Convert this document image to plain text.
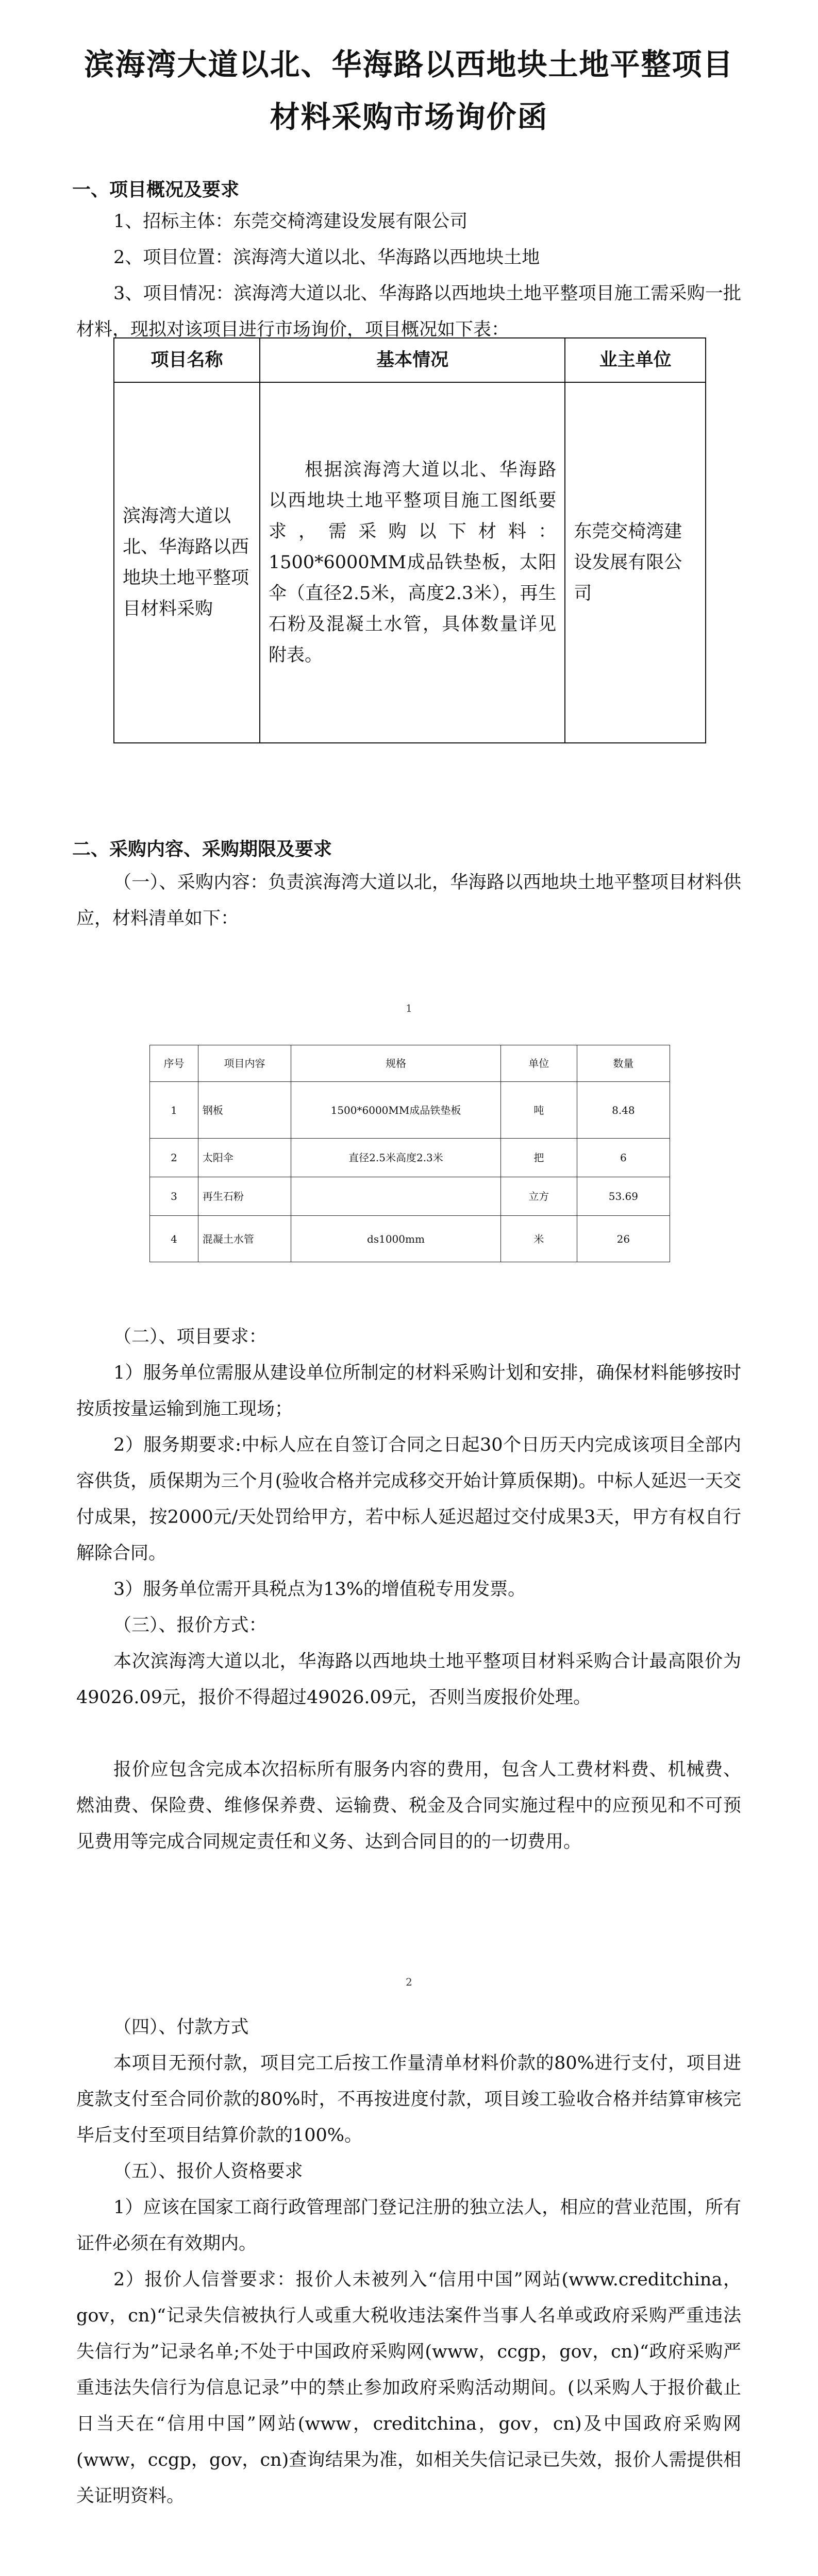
滨海湾大道以北、华海路以西地块土地平整项目
材料采购市场询价函
一、项目概况及要求
1、招标主体：东莞交椅湾建设发展有限公司
2、项目位置：滨海湾大道以北、华海路以西地块土地
3、项目情况：滨海湾大道以北、华海路以西地块土地平整项目施工需采购一批材料，现拟对该项目进行市场询价，项目概况如下表：
项目名称	基本情况	业主单位
滨海湾大道以北、华海路以西地块土地平整项目材料采购	根据滨海湾大道以北、华海路以西地块土地平整项目施工图纸要求，需采购以下材料：1500*6000MM成品铁垫板，太阳伞（直径2.5米，高度2.3米），再生石粉及混凝土水管，具体数量详见附表。	东莞交椅湾建设发展有限公司
二、采购内容、采购期限及要求
（一）、采购内容：负责滨海湾大道以北，华海路以西地块土地平整项目材料供应，材料清单如下：
1
序号	项目内容	规格	单位	数量
1	钢板	1500*6000MM成品铁垫板	吨	8.48
2	太阳伞	直径2.5米高度2.3米	把	6
3	再生石粉		立方	53.69
4	混凝土水管	ds1000mm	米	26
（二）、项目要求：
1）服务单位需服从建设单位所制定的材料采购计划和安排，确保材料能够按时按质按量运输到施工现场；
2）服务期要求:中标人应在自签订合同之日起30个日历天内完成该项目全部内容供货，质保期为三个月(验收合格并完成移交开始计算质保期)。中标人延迟一天交付成果，按2000元/天处罚给甲方，若中标人延迟超过交付成果3天，甲方有权自行解除合同。
3）服务单位需开具税点为13%的增值税专用发票。
（三）、报价方式：
本次滨海湾大道以北，华海路以西地块土地平整项目材料采购合计最高限价为49026.09元，报价不得超过49026.09元，否则当废报价处理。
报价应包含完成本次招标所有服务内容的费用，包含人工费材料费、机械费、燃油费、保险费、维修保养费、运输费、税金及合同实施过程中的应预见和不可预见费用等完成合同规定责任和义务、达到合同目的的一切费用。
2
（四）、付款方式
本项目无预付款，项目完工后按工作量清单材料价款的80%进行支付，项目进度款支付至合同价款的80%时，不再按进度付款，项目竣工验收合格并结算审核完毕后支付至项目结算价款的100%。
（五）、报价人资格要求
1）应该在国家工商行政管理部门登记注册的独立法人，相应的营业范围，所有证件必须在有效期内。
2）报价人信誉要求：报价人未被列入“信用中国”网站(www.creditchina，gov，cn)“记录失信被执行人或重大税收违法案件当事人名单或政府采购严重违法失信行为”记录名单;不处于中国政府采购网(www，ccgp，gov，cn)“政府采购严重违法失信行为信息记录”中的禁止参加政府采购活动期间。(以采购人于报价截止日当天在“信用中国”网站(www，creditchina，gov，cn)及中国政府采购网(www，ccgp，gov，cn)查询结果为准，如相关失信记录已失效，报价人需提供相关证明资料。
